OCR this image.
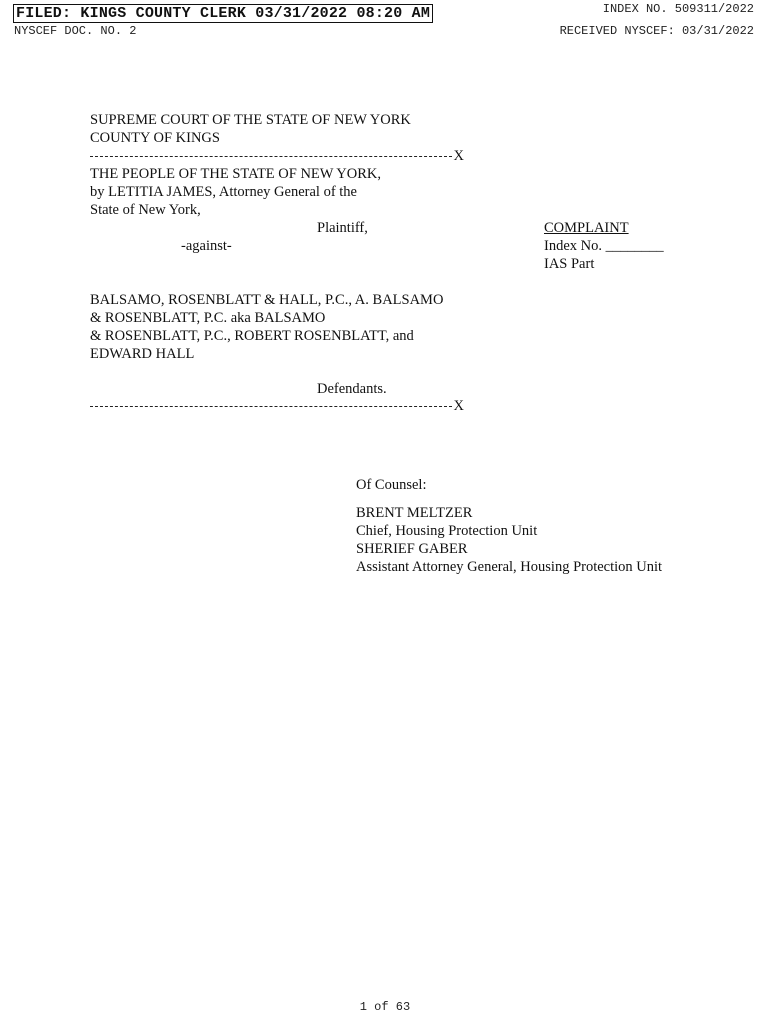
FILED: KINGS COUNTY CLERK 03/31/2022 08:20 AM
NYSCEF DOC. NO. 2
INDEX NO. 509311/2022
RECEIVED NYSCEF: 03/31/2022
SUPREME COURT OF THE STATE OF NEW YORK
COUNTY OF KINGS
X
THE PEOPLE OF THE STATE OF NEW YORK,
by LETITIA JAMES, Attorney General of the
State of New York,
Plaintiff,
-against-
COMPLAINT
Index No. ________
IAS Part
BALSAMO, ROSENBLATT & HALL, P.C., A. BALSAMO
& ROSENBLATT, P.C. aka BALSAMO
& ROSENBLATT, P.C., ROBERT ROSENBLATT, and
EDWARD HALL
Defendants.
X
Of Counsel:
BRENT MELTZER
Chief, Housing Protection Unit
SHERIEF GABER
Assistant Attorney General, Housing Protection Unit
1 of 63
